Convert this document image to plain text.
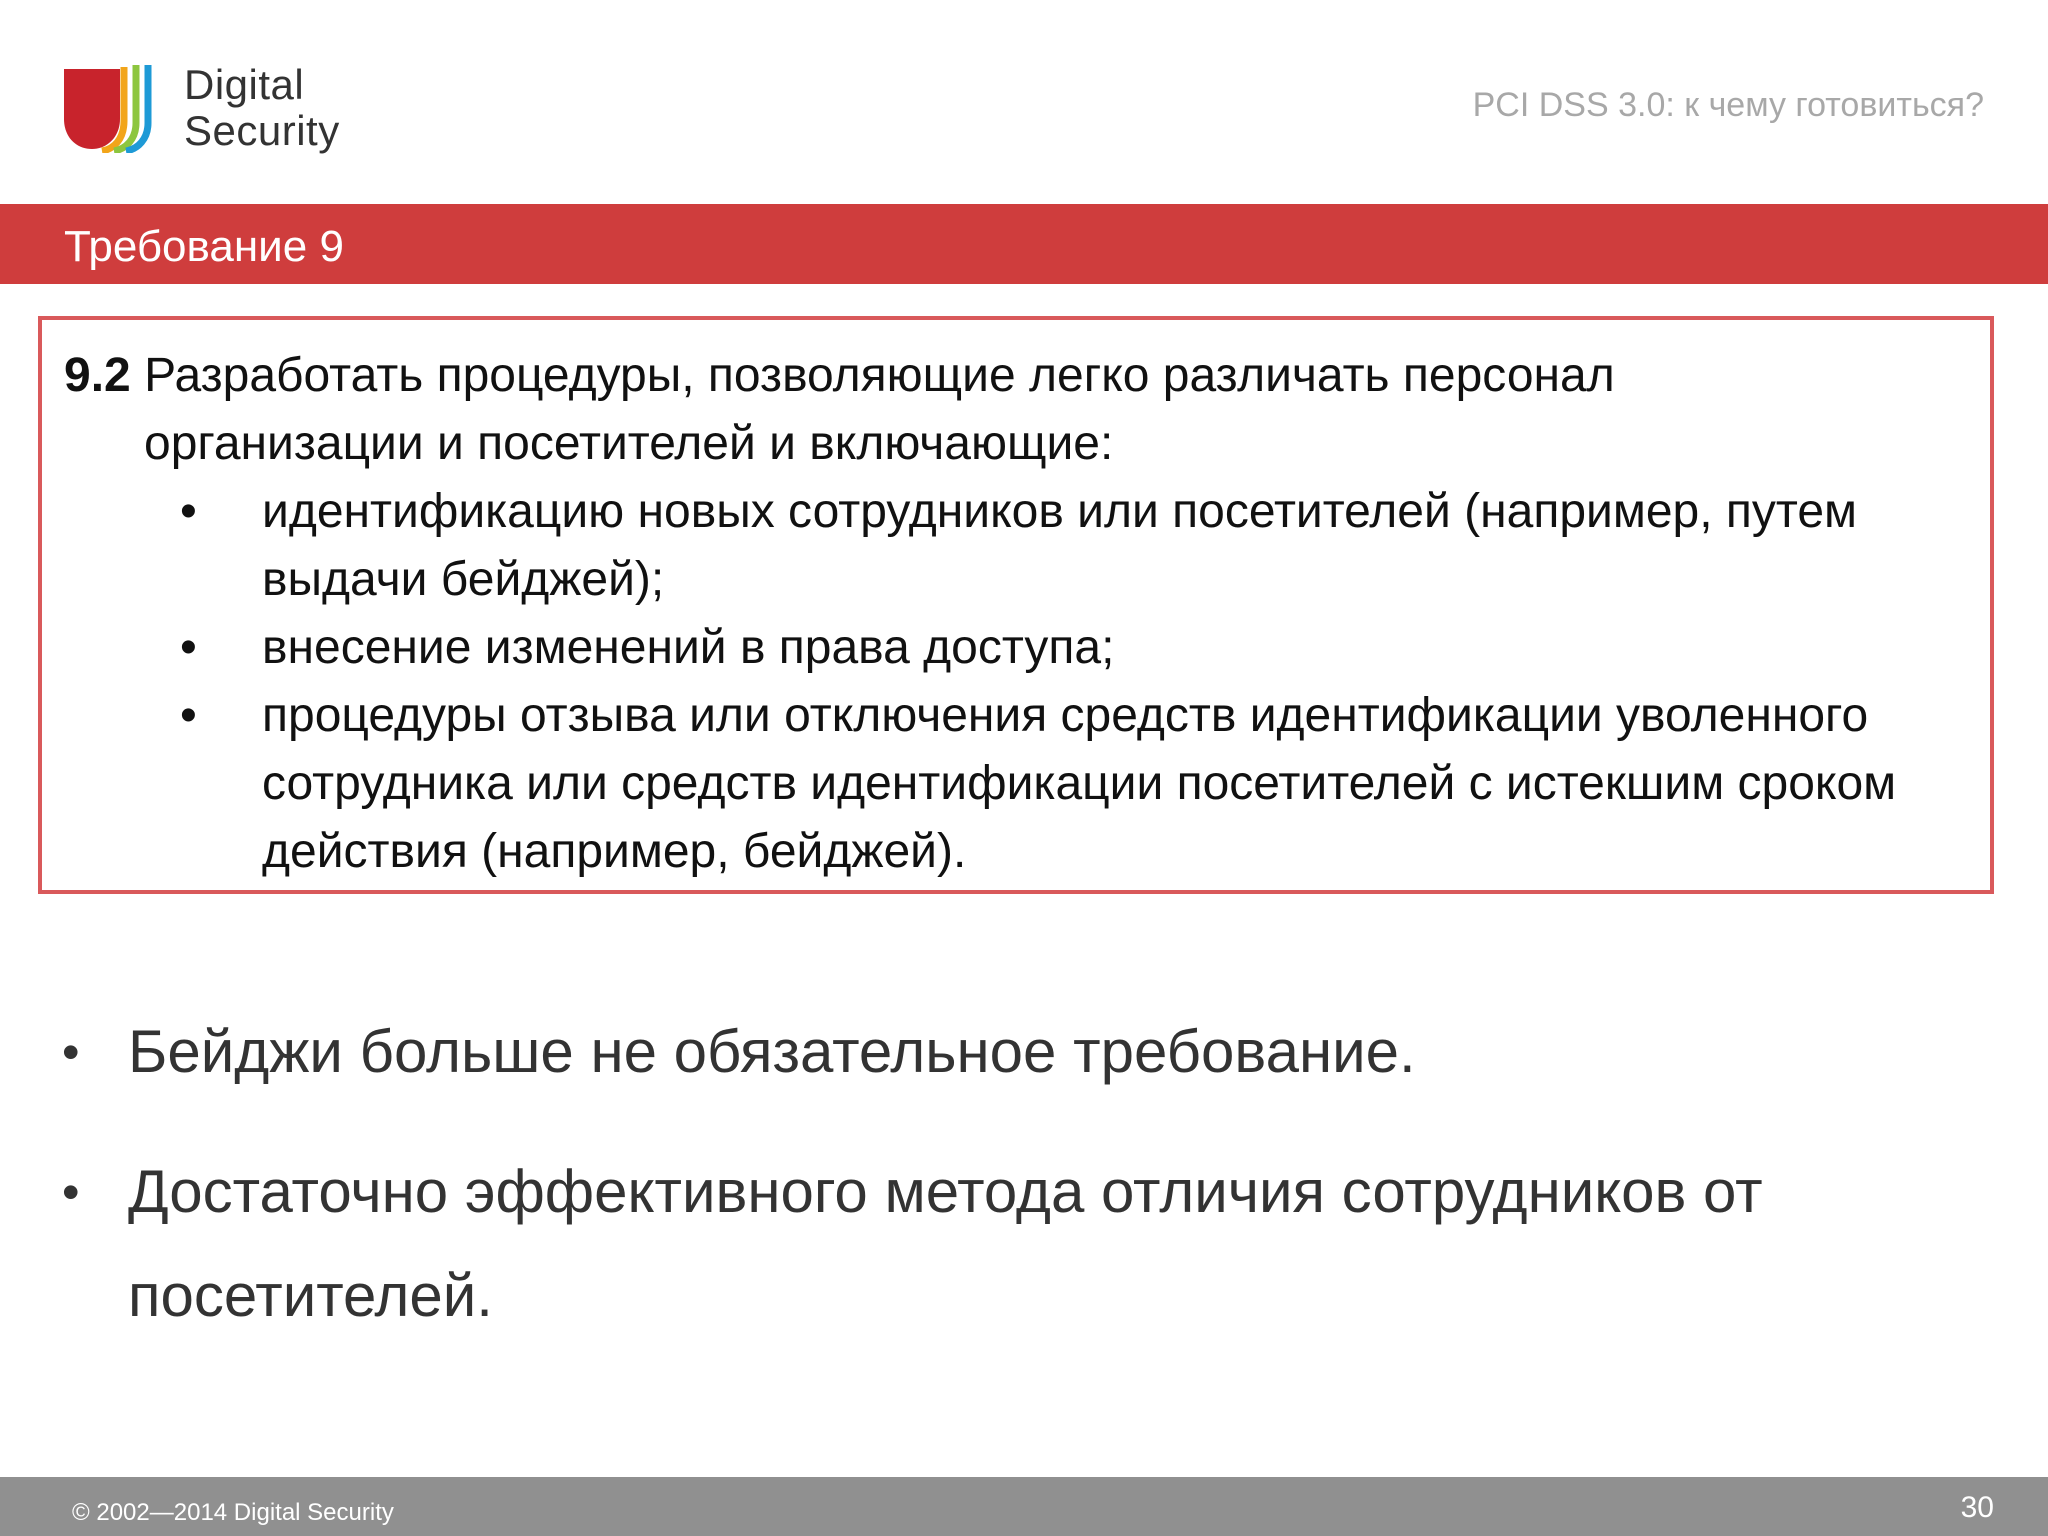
Digital
Security
PCI DSS 3.0: к чему готовиться?
Требование 9
9.2 Разработать процедуры, позволяющие легко различать персонал
организации и посетителей и включающие:
• идентификацию новых сотрудников или посетителей (например, путем выдачи бейджей);
• внесение изменений в права доступа;
• процедуры отзыва или отключения средств идентификации уволенного сотрудника или средств идентификации посетителей с истекшим сроком действия (например, бейджей).
• Бейджи больше не обязательное требование.
• Достаточно эффективного метода отличия сотрудников от посетителей.
© 2002—2014 Digital Security	30
